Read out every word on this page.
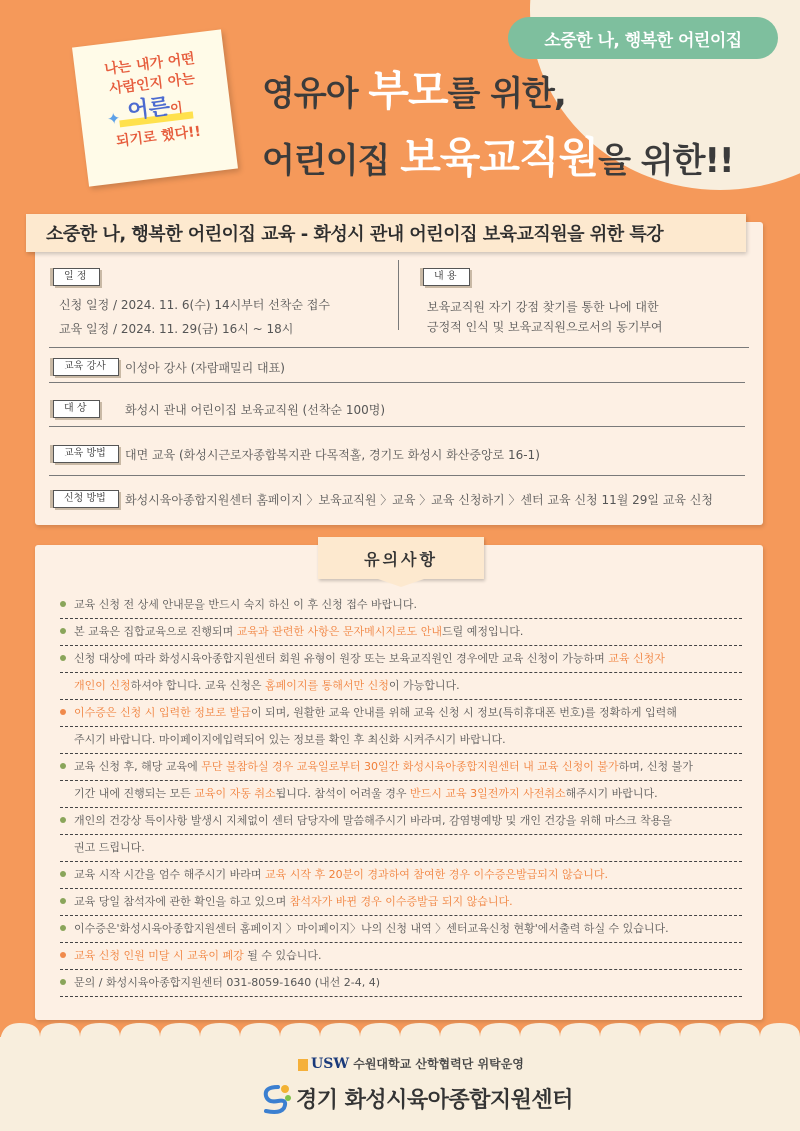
소중한 나, 행복한 어린이집
나는 내가 어떤
사람인지 아는
✦ 어른이
되기로 했다!!
영유아 부모를 위한,
어린이집 보육교직원을 위한!!
일 정
신청 일정 / 2024. 11. 6(수) 14시부터 선착순 접수
교육 일정 / 2024. 11. 29(금) 16시 ~ 18시
내 용
보육교직원 자기 강점 찾기를 통한 나에 대한
긍정적 인식 및 보육교직원으로서의 동기부여
교육 강사	이성아 강사 (자람패밀리 대표)
대 상	화성시 관내 어린이집 보육교직원 (선착순 100명)
교육 방법	대면 교육 (화성시근로자종합복지관 다목적홀, 경기도 화성시 화산중앙로 16-1)
신청 방법	화성시육아종합지원센터 홈페이지 〉보육교직원 〉교육 〉교육 신청하기 〉센터 교육 신청 11월 29일 교육 신청
소중한 나, 행복한 어린이집 교육 - 화성시 관내 어린이집 보육교직원을 위한 특강
유의사항
교육 신청 전 상세 안내문을 반드시 숙지 하신 이 후 신청 접수 바랍니다.
본 교육은 집합교육으로 진행되며 교육과 관련한 사항은 문자메시지로도 안내드릴 예정입니다.
신청 대상에 따라 화성시육아종합지원센터 회원 유형이 원장 또는 보육교직원인 경우에만 교육 신청이 가능하며 교육 신청자
개인이 신청하셔야 합니다. 교육 신청은 홈페이지를 통해서만 신청이 가능합니다.
이수증은 신청 시 입력한 정보로 발급이 되며, 원활한 교육 안내를 위해 교육 신청 시 정보(특히휴대폰 번호)를 정확하게 입력해
주시기 바랍니다. 마이페이지에입력되어 있는 정보를 확인 후 최신화 시켜주시기 바랍니다.
교육 신청 후, 해당 교육에 무단 불참하실 경우 교육일로부터 30일간 화성시육아종합지원센터 내 교육 신청이 불가하며, 신청 불가
기간 내에 진행되는 모든 교육이 자동 취소됩니다. 참석이 어려울 경우 반드시 교육 3일전까지 사전취소해주시기 바랍니다.
개인의 건강상 특이사항 발생시 지체없이 센터 담당자에 말씀해주시기 바라며, 감염병예방 및 개인 건강을 위해 마스크 착용을
권고 드립니다.
교육 시작 시간을 엄수 해주시기 바라며 교육 시작 후 20분이 경과하여 참여한 경우 이수증은발급되지 않습니다.
교육 당일 참석자에 관한 확인을 하고 있으며 참석자가 바뀐 경우 이수증발급 되지 않습니다.
이수증은'화성시육아종합지원센터 홈페이지 〉마이페이지〉나의 신청 내역 〉센터교육신청 현황'에서출력 하실 수 있습니다.
교육 신청 인원 미달 시 교육이 폐강 될 수 있습니다.
문의 / 화성시육아종합지원센터 031-8059-1640 (내선 2-4, 4)
USW 수원대학교 산학협력단 위탁운영
경기 화성시육아종합지원센터
